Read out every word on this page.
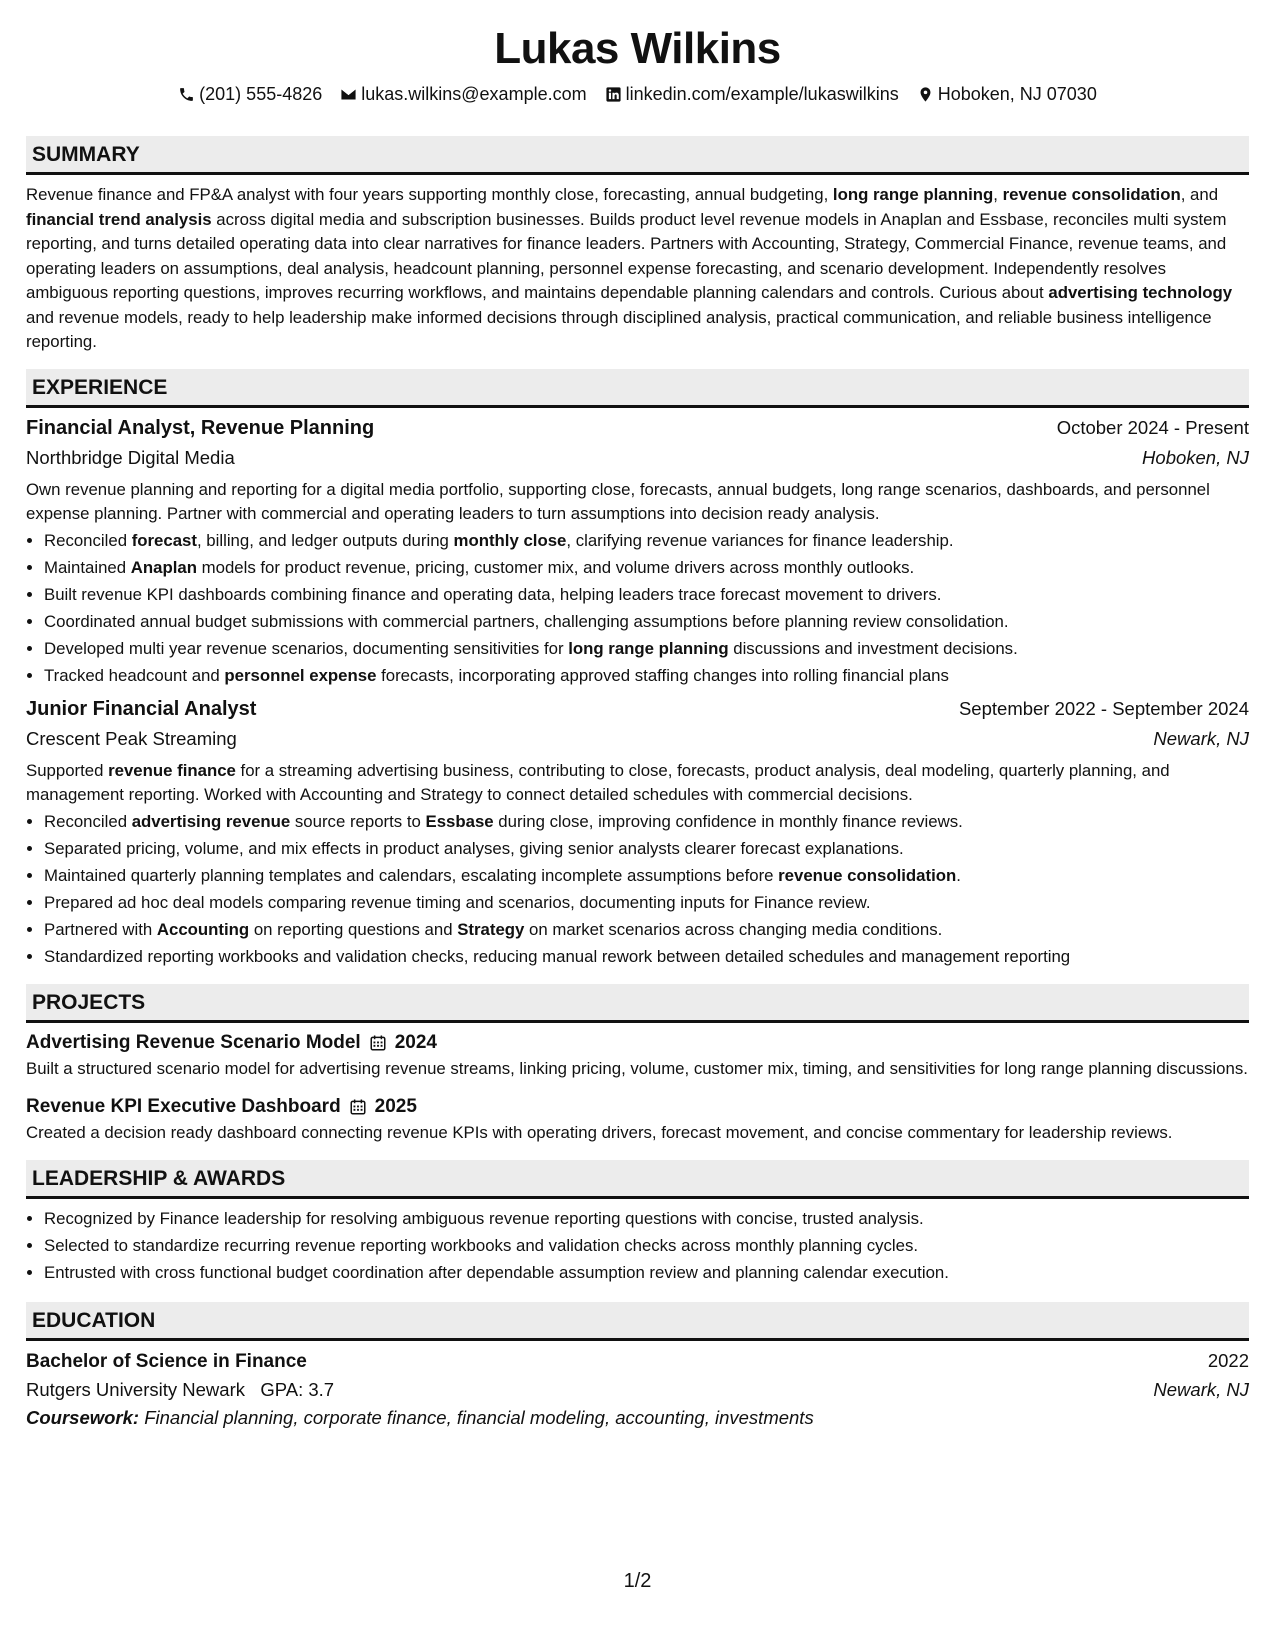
Lukas Wilkins
(201) 555-4826 lukas.wilkins@example.com linkedin.com/example/lukaswilkins Hoboken, NJ 07030
SUMMARY

Revenue finance and FP&A analyst with four years supporting monthly close, forecasting, annual budgeting, long range planning, revenue consolidation, and financial trend analysis across digital media and subscription businesses. Builds product level revenue models in Anaplan and Essbase, reconciles multi system reporting, and turns detailed operating data into clear narratives for finance leaders. Partners with Accounting, Strategy, Commercial Finance, revenue teams, and operating leaders on assumptions, deal analysis, headcount planning, personnel expense forecasting, and scenario development. Independently resolves ambiguous reporting questions, improves recurring workflows, and maintains dependable planning calendars and controls. Curious about advertising technology and revenue models, ready to help leadership make informed decisions through disciplined analysis, practical communication, and reliable business intelligence reporting.

EXPERIENCE
Financial Analyst, Revenue Planning	October 2024 - Present
Northbridge Digital Media	Hoboken, NJ

Own revenue planning and reporting for a digital media portfolio, supporting close, forecasts, annual budgets, long range scenarios, dashboards, and personnel expense planning. Partner with commercial and operating leaders to turn assumptions into decision ready analysis.

• Reconciled forecast, billing, and ledger outputs during monthly close, clarifying revenue variances for finance leadership.
• Maintained Anaplan models for product revenue, pricing, customer mix, and volume drivers across monthly outlooks.
• Built revenue KPI dashboards combining finance and operating data, helping leaders trace forecast movement to drivers.
• Coordinated annual budget submissions with commercial partners, challenging assumptions before planning review consolidation.
• Developed multi year revenue scenarios, documenting sensitivities for long range planning discussions and investment decisions.
• Tracked headcount and personnel expense forecasts, incorporating approved staffing changes into rolling financial plans
Junior Financial Analyst	September 2022 - September 2024
Crescent Peak Streaming	Newark, NJ

Supported revenue finance for a streaming advertising business, contributing to close, forecasts, product analysis, deal modeling, quarterly planning, and management reporting. Worked with Accounting and Strategy to connect detailed schedules with commercial decisions.

• Reconciled advertising revenue source reports to Essbase during close, improving confidence in monthly finance reviews.
• Separated pricing, volume, and mix effects in product analyses, giving senior analysts clearer forecast explanations.
• Maintained quarterly planning templates and calendars, escalating incomplete assumptions before revenue consolidation.
• Prepared ad hoc deal models comparing revenue timing and scenarios, documenting inputs for Finance review.
• Partnered with Accounting on reporting questions and Strategy on market scenarios across changing media conditions.
• Standardized reporting workbooks and validation checks, reducing manual rework between detailed schedules and management reporting
PROJECTS
Advertising Revenue Scenario Model 2024

Built a structured scenario model for advertising revenue streams, linking pricing, volume, customer mix, timing, and sensitivities for long range planning discussions.

Revenue KPI Executive Dashboard 2025

Created a decision ready dashboard connecting revenue KPIs with operating drivers, forecast movement, and concise commentary for leadership reviews.

LEADERSHIP & AWARDS
• Recognized by Finance leadership for resolving ambiguous revenue reporting questions with concise, trusted analysis.
• Selected to standardize recurring revenue reporting workbooks and validation checks across monthly planning cycles.
• Entrusted with cross functional budget coordination after dependable assumption review and planning calendar execution.
EDUCATION
Bachelor of Science in Finance	2022
Rutgers University Newark GPA: 3.7	Newark, NJ
Coursework: Financial planning, corporate finance, financial modeling, accounting, investments
1/2
